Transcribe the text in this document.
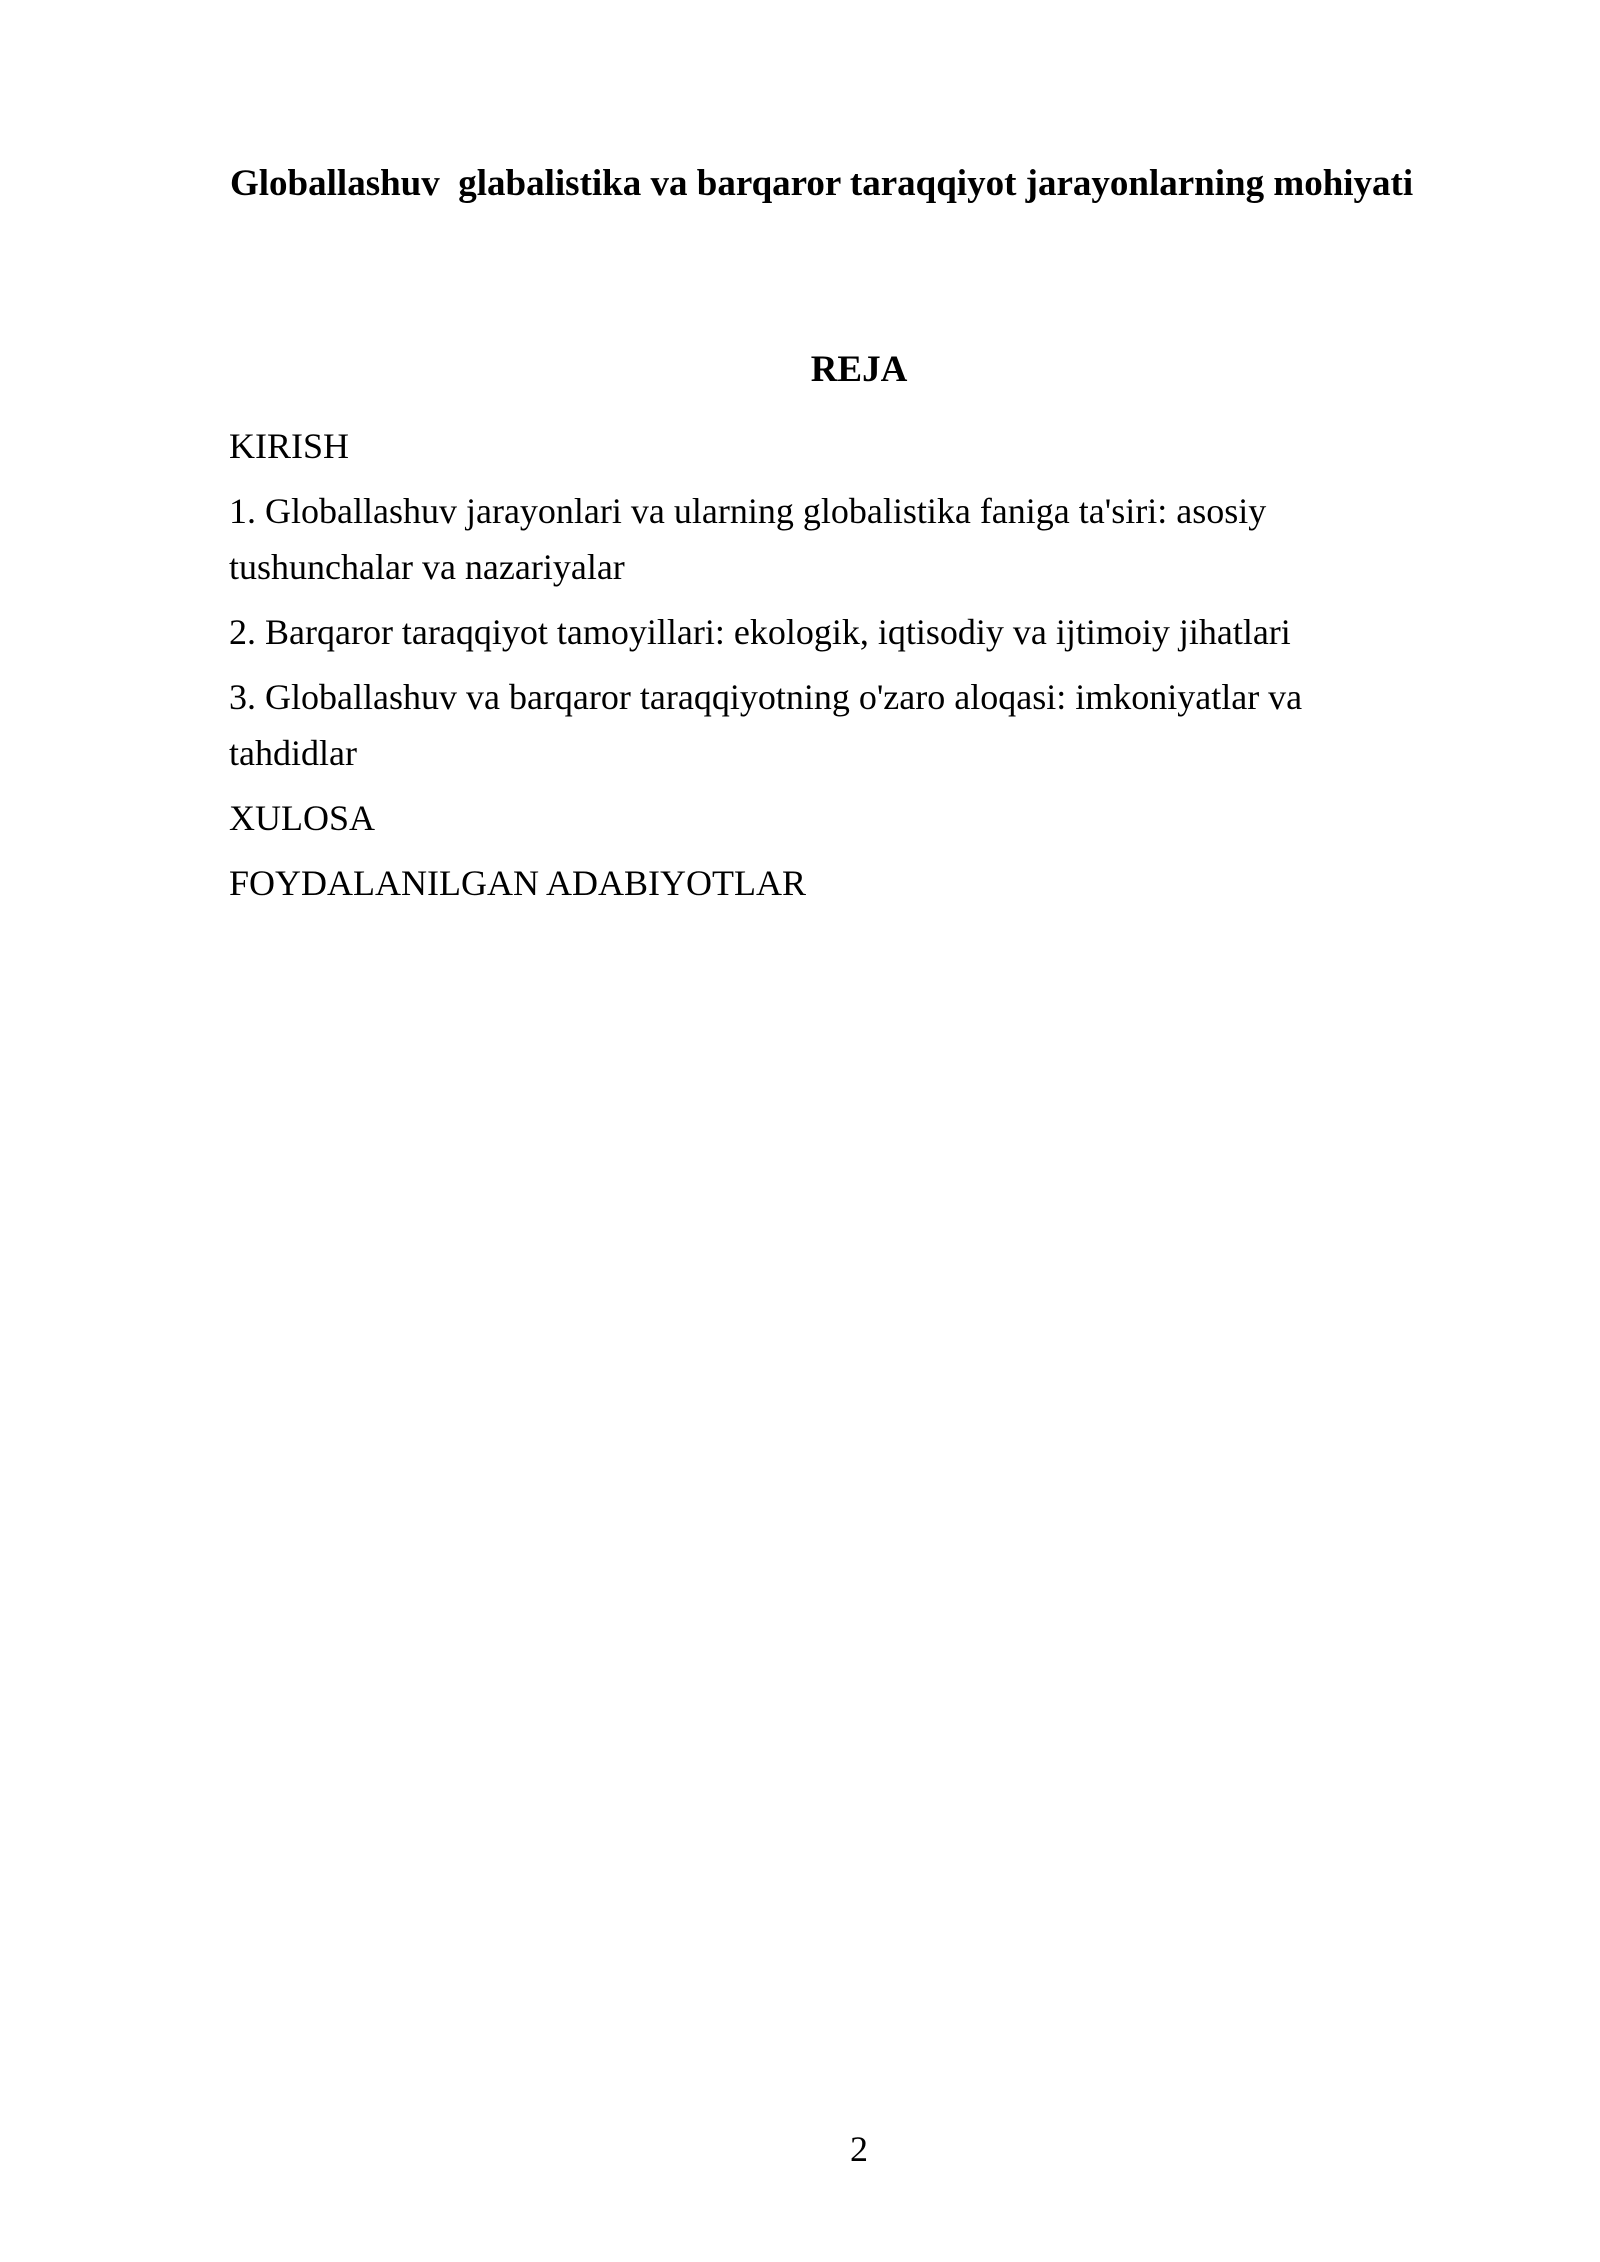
Globallashuv  glabalistika va barqaror taraqqiyot jarayonlarning mohiyati
REJA
KIRISH
1. Globallashuv jarayonlari va ularning globalistika faniga ta'siri: asosiy tushunchalar va nazariyalar
2. Barqaror taraqqiyot tamoyillari: ekologik, iqtisodiy va ijtimoiy jihatlari
3. Globallashuv va barqaror taraqqiyotning o'zaro aloqasi: imkoniyatlar va tahdidlar
XULOSA
FOYDALANILGAN ADABIYOTLAR
2
